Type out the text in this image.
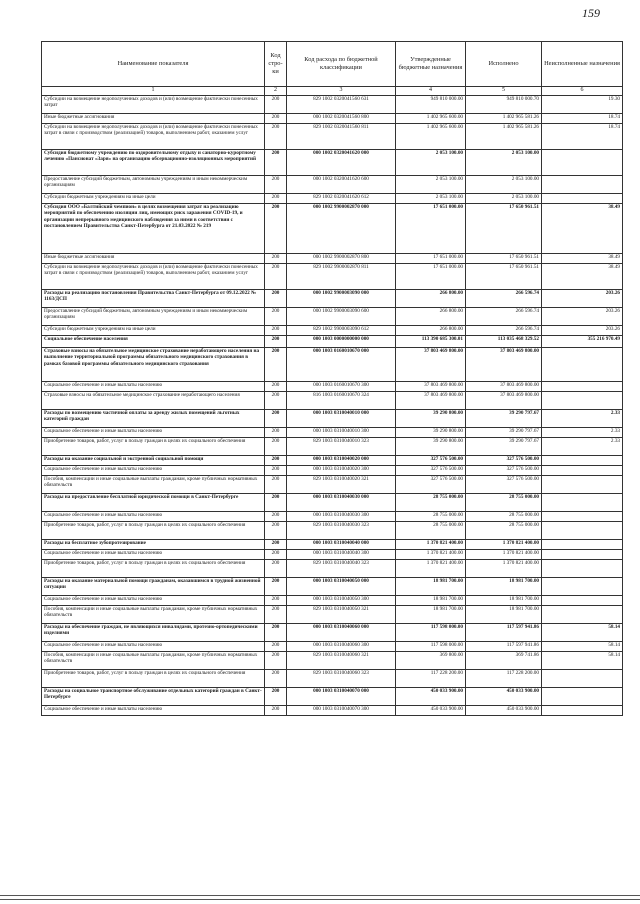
159
Наименование показателя	Код стро-ки	Код расхода по бюджетной классификации	Утвержденные бюджетные назначения	Исполнено	Неисполненные назначения
1	2	3	4	5	6
Субсидии на возмещение недополученных доходов и (или) возмещение фактически понесенных затрат	200	829 1002 0320041560 631	949 810 000.00	949 810 000.70	19.30
Иные бюджетные ассигнования	200	000 1002 0320041560 800	1 402 965 600.00	1 402 965 581.26	18.74
Субсидии на возмещение недополученных доходов и (или) возмещение фактически понесенных затрат в связи с производством (реализацией) товаров, выполнением работ, оказанием услуг	200	829 1002 0320041560 811	1 402 965 600.00	1 402 965 581.26	18.74
Субсидия бюджетному учреждению по оздоровительному отдыху и санаторно-курортному лечению «Пансионат «Заря» на организацию обсервационно-изоляционных мероприятий	200	000 1002 0320041620 000	2 053 100.00	2 053 100.00	
Предоставление субсидий бюджетным, автономным учреждениям и иным некоммерческим организациям	200	000 1002 0320041620 600	2 053 100.00	2 053 100.00	
Субсидии бюджетным учреждениям на иные цели	200	829 1002 0320041620 612	2 053 100.00	2 053 100.00	
Субсидия ООО «Балтийский чемпион» в целях возмещения затрат на реализацию мероприятий по обеспечению изоляции лиц, имеющих риск заражения COVID-19, и организации непрерывного медицинского наблюдения за ними в соответствии с постановлением Правительства Санкт-Петербурга от 21.03.2022 № 219	200	000 1002 9900002870 000	17 651 000.00	17 650 961.51	38.49
Иные бюджетные ассигнования	200	000 1002 9900002870 800	17 651 000.00	17 650 961.51	38.49
Субсидии на возмещение недополученных доходов и (или) возмещение фактически понесенных затрат в связи с производством (реализацией) товаров, выполнением работ, оказанием услуг	200	829 1002 9900002870 811	17 651 000.00	17 650 961.51	38.49
Расходы на реализацию постановления Правительства Санкт-Петербурга от 09.12.2022 № 1163/ДСП	200	000 1002 9900003090 000	266 800.00	266 596.74	203.26
Предоставление субсидий бюджетным, автономным учреждениям и иным некоммерческим организациям	200	000 1002 9900003090 600	266 800.00	266 596.74	203.26
Субсидии бюджетным учреждениям на иные цели	200	829 1002 9900003090 612	266 800.00	266 596.74	203.26
Социальное обеспечение населения	200	000 1003 0000000000 000	113 390 685 300.01	113 035 468 329.52	355 216 970.49
Страховые взносы на обязательное медицинское страхование неработающего населения на выполнение территориальной программы обязательного медицинского страхования в рамках базовой программы обязательного медицинского страхования	200	000 1003 0160010670 000	37 803 469 800.00	37 803 469 800.00	
Социальное обеспечение и иные выплаты населению	200	000 1003 0160010670 300	37 803 469 800.00	37 803 469 800.00	
Страховые взносы на обязательное медицинское страхование неработающего населения	200	816 1003 0160010670 324	37 803 469 800.00	37 803 469 800.00	
Расходы по возмещению частичной оплаты за аренду жилых помещений льготных категорий граждан	200	000 1003 0310040010 000	39 290 800.00	39 290 797.67	2.33
Социальное обеспечение и иные выплаты населению	200	000 1003 0310040010 300	39 290 800.00	39 290 797.67	2.33
Приобретение товаров, работ, услуг в пользу граждан в целях их социального обеспечения	200	829 1003 0310040010 323	39 290 800.00	39 290 797.67	2.33
Расходы на оказание социальной и экстренной социальной помощи	200	000 1003 0310040020 000	327 576 500.00	327 576 500.00	
Социальное обеспечение и иные выплаты населению	200	000 1003 0310040020 300	327 576 500.00	327 576 500.00	
Пособия, компенсации и иные социальные выплаты гражданам, кроме публичных нормативных обязательств	200	829 1003 0310040020 321	327 576 500.00	327 576 500.00	
Расходы на предоставление бесплатной юридической помощи в Санкт-Петербурге	200	000 1003 0310040030 000	28 755 000.00	28 755 000.00	
Социальное обеспечение и иные выплаты населению	200	000 1003 0310040030 300	28 755 000.00	28 755 000.00	
Приобретение товаров, работ, услуг в пользу граждан в целях их социального обеспечения	200	829 1003 0310040030 323	28 755 000.00	28 755 000.00	
Расходы на бесплатное зубопротезирование	200	000 1003 0310040040 000	1 370 821 400.00	1 370 821 400.00	
Социальное обеспечение и иные выплаты населению	200	000 1003 0310040040 300	1 370 821 400.00	1 370 821 400.00	
Приобретение товаров, работ, услуг в пользу граждан в целях их социального обеспечения	200	829 1003 0310040040 323	1 370 821 400.00	1 370 821 400.00	
Расходы на оказание материальной помощи гражданам, оказавшимся в трудной жизненной ситуации	200	000 1003 0310040050 000	18 981 700.00	18 981 700.00	
Социальное обеспечение и иные выплаты населению	200	000 1003 0310040050 300	18 981 700.00	18 981 700.00	
Пособия, компенсации и иные социальные выплаты гражданам, кроме публичных нормативных обязательств	200	829 1003 0310040050 321	18 981 700.00	18 981 700.00	
Расходы на обеспечение граждан, не являющихся инвалидами, протезно-ортопедическими изделиями	200	000 1003 0310040060 000	117 598 000.00	117 597 941.86	58.14
Социальное обеспечение и иные выплаты населению	200	000 1003 0310040060 300	117 598 000.00	117 597 941.86	58.14
Пособия, компенсации и иные социальные выплаты гражданам, кроме публичных нормативных обязательств	200	829 1003 0310040060 321	369 800.00	369 741.86	58.14
Приобретение товаров, работ, услуг в пользу граждан в целях их социального обеспечения	200	829 1003 0310040060 323	117 228 200.00	117 228 200.00	
Расходы на социальное транспортное обслуживание отдельных категорий граждан в Санкт-Петербурге	200	000 1003 0310040070 000	450 033 900.00	450 033 900.00	
Социальное обеспечение и иные выплаты населению	200	000 1003 0310040070 300	450 033 900.00	450 033 900.00	
